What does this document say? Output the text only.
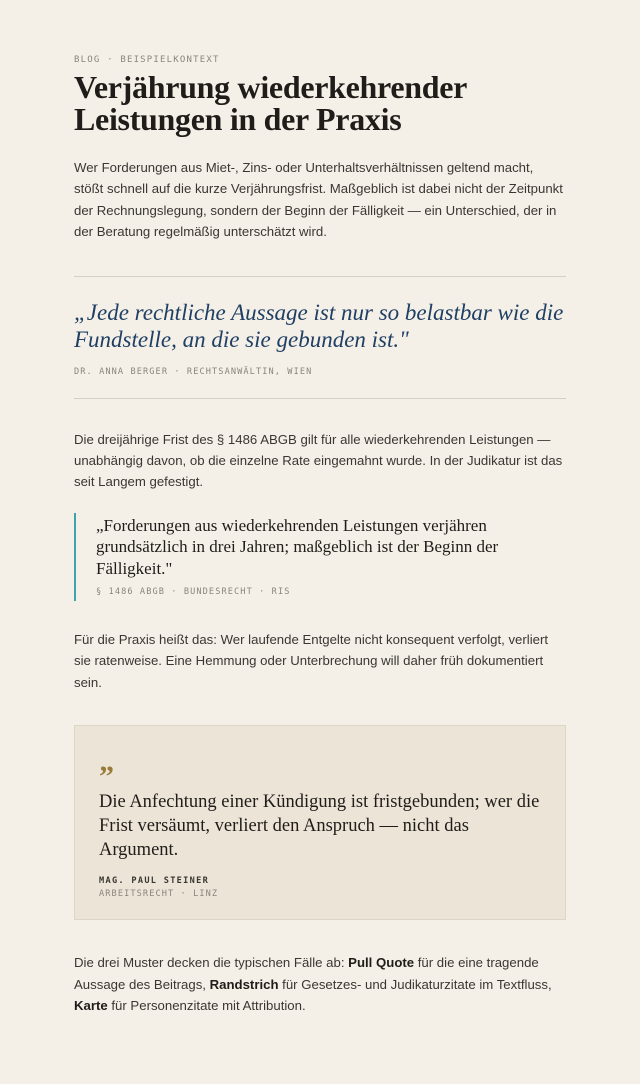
BLOG · BEISPIELKONTEXT
Verjährung wiederkehrender Leistungen in der Praxis

Wer Forderungen aus Miet-, Zins- oder Unterhaltsverhältnissen geltend macht, stößt schnell auf die kurze Verjährungsfrist. Maßgeblich ist dabei nicht der Zeitpunkt der Rechnungslegung, sondern der Beginn der Fälligkeit — ein Unterschied, der in der Beratung regelmäßig unterschätzt wird.

„Jede rechtliche Aussage ist nur so belastbar wie die Fundstelle, an die sie gebunden ist."

DR. ANNA BERGER · RECHTSANWÄLTIN, WIEN

Die dreijährige Frist des § 1486 ABGB gilt für alle wiederkehrenden Leistungen — unabhängig davon, ob die einzelne Rate eingemahnt wurde. In der Judikatur ist das seit Langem gefestigt.

„Forderungen aus wiederkehrenden Leistungen verjähren grundsätzlich in drei Jahren; maßgeblich ist der Beginn der Fälligkeit."

§ 1486 ABGB · BUNDESRECHT · RIS

Für die Praxis heißt das: Wer laufende Entgelte nicht konsequent verfolgt, verliert sie ratenweise. Eine Hemmung oder Unterbrechung will daher früh dokumentiert sein.

”

Die Anfechtung einer Kündigung ist fristgebunden; wer die Frist versäumt, verliert den Anspruch — nicht das Argument.

MAG. PAUL STEINER
ARBEITSRECHT · LINZ

Die drei Muster decken die typischen Fälle ab: Pull Quote für die eine tragende Aussage des Beitrags, Randstrich für Gesetzes- und Judikaturzitate im Textfluss, Karte für Personenzitate mit Attribution.
